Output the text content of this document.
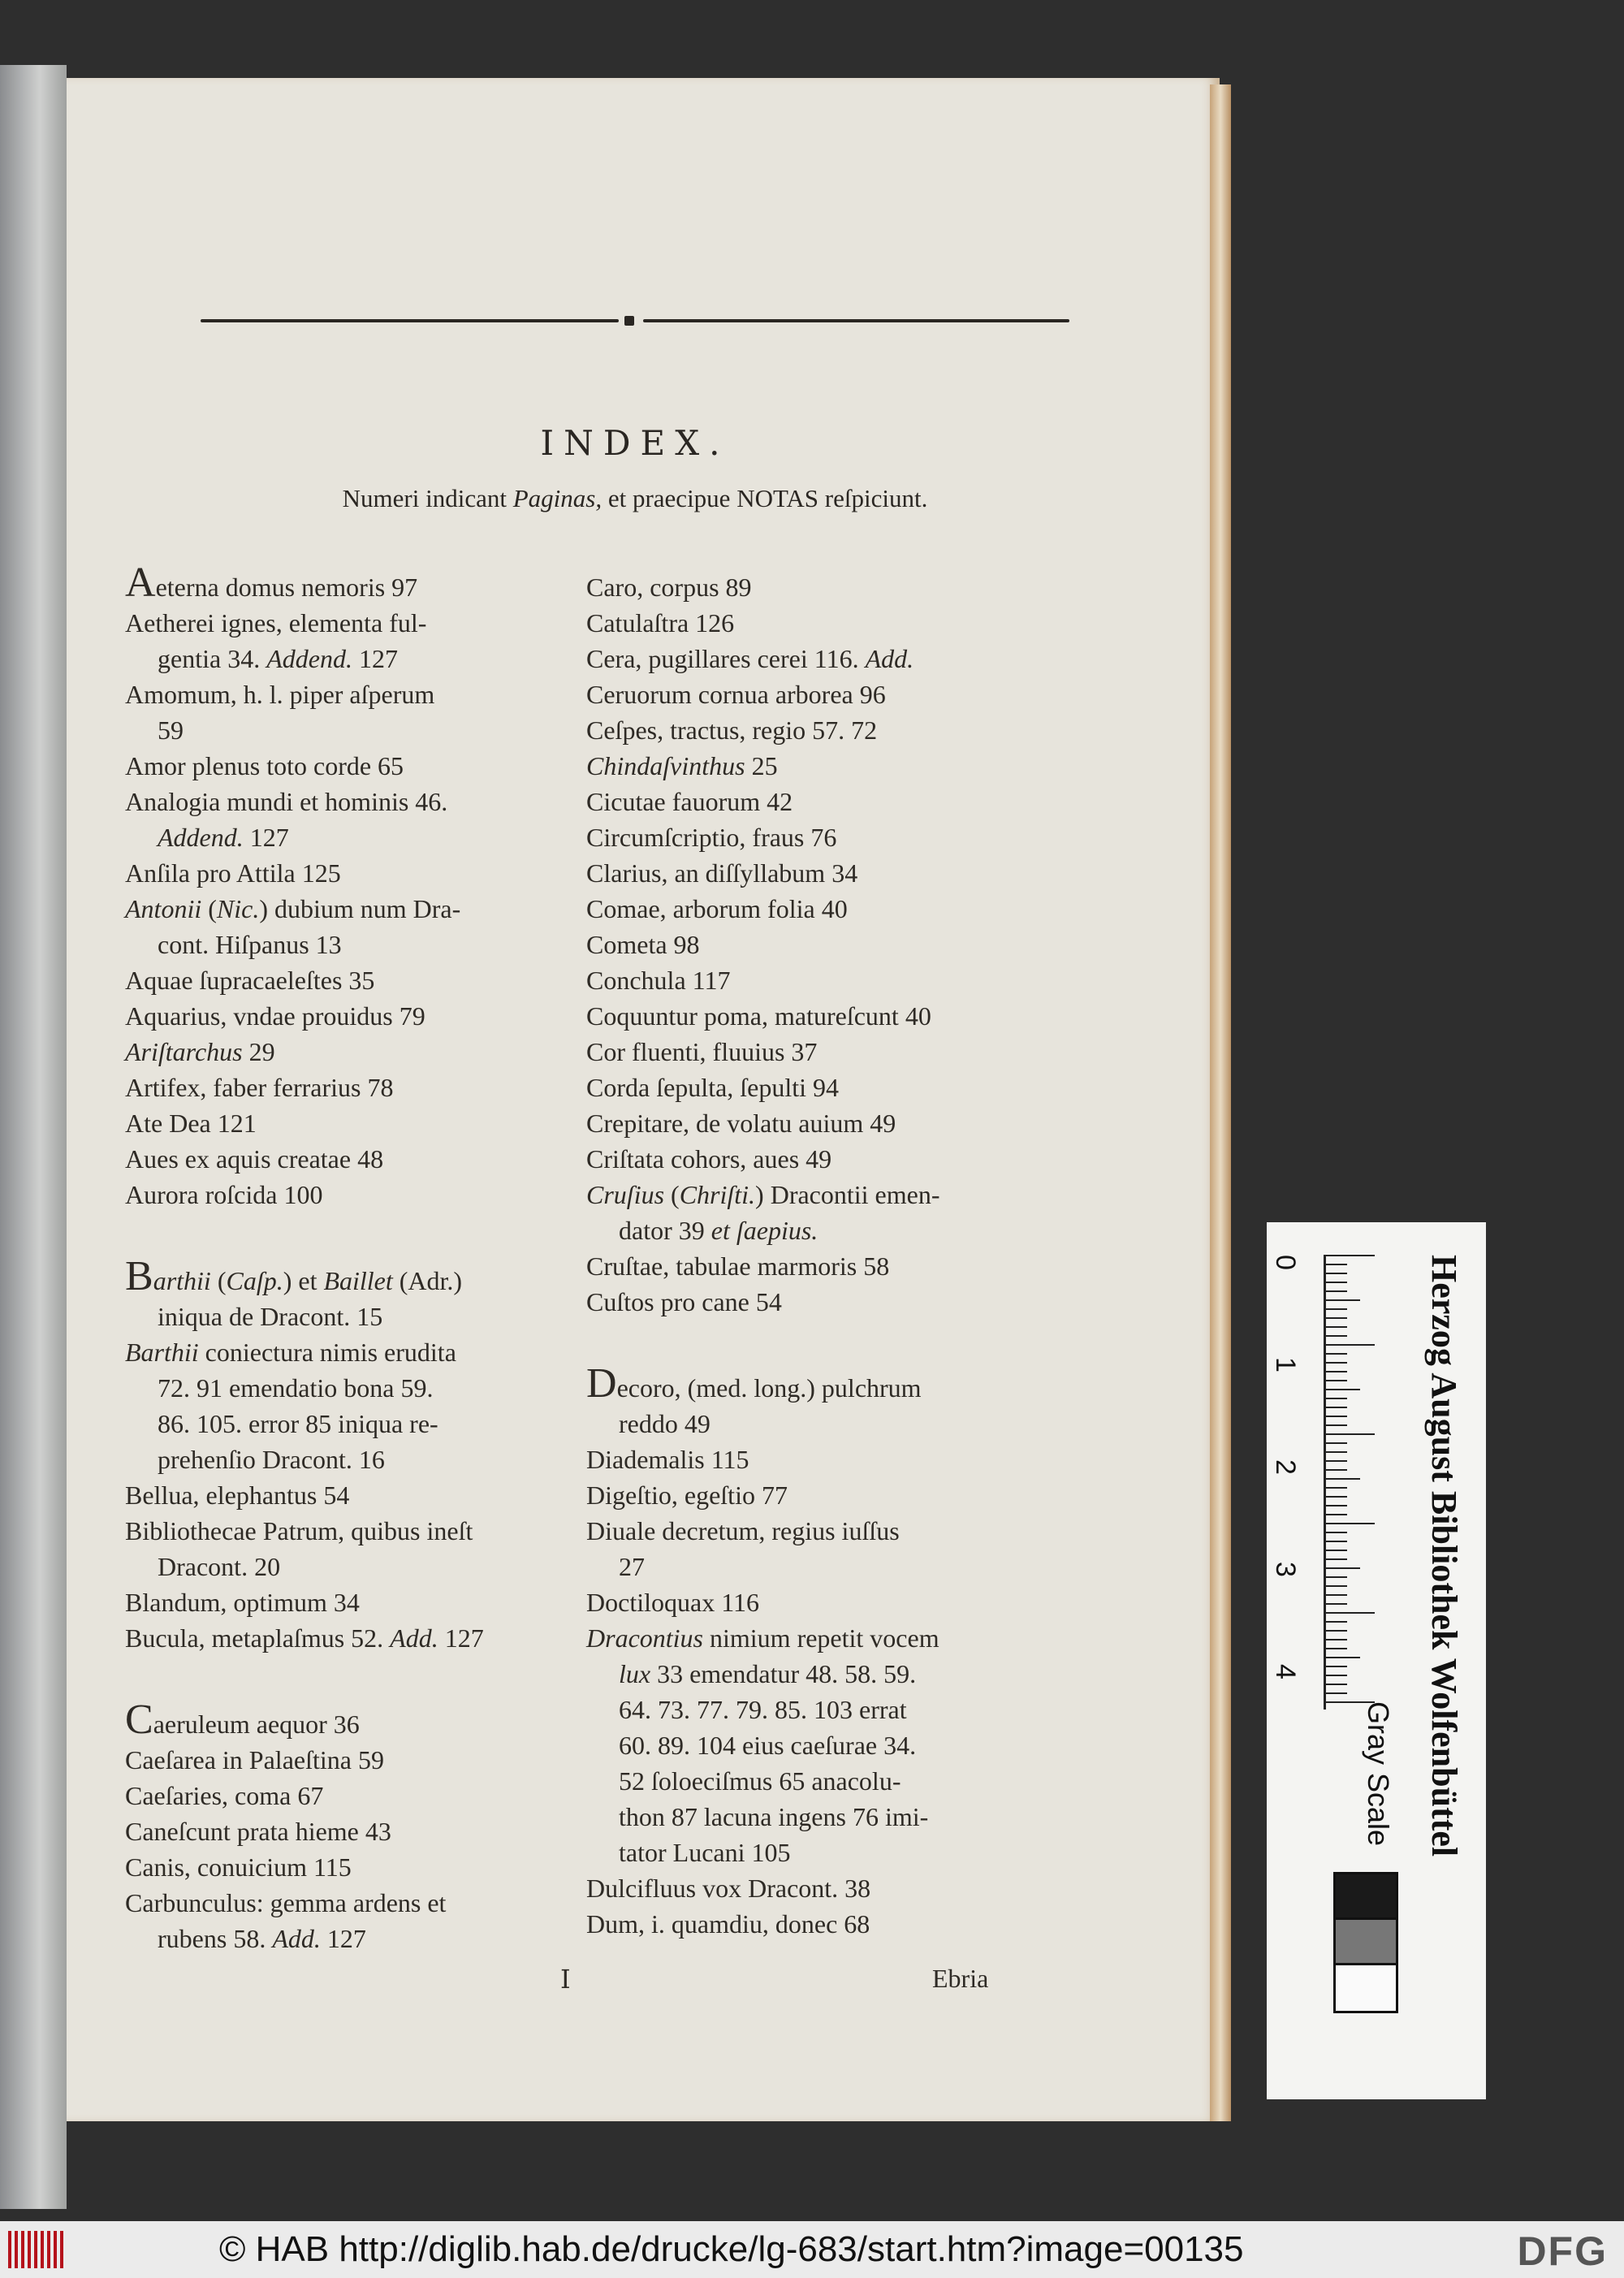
INDEX.
Numeri indicant Paginas, et praecipue NOTAS reſpiciunt.
Aeterna domus nemoris 97
Aetherei ignes, elementa ful-
gentia 34. Addend. 127
Amomum, h. l. piper aſperum
59
Amor plenus toto corde 65
Analogia mundi et hominis 46.
Addend. 127
Anſila pro Attila 125
Antonii (Nic.) dubium num Dra-
cont. Hiſpanus 13
Aquae ſupracaeleſtes 35
Aquarius, vndae prouidus 79
Ariſtarchus 29
Artifex, faber ferrarius 78
Ate Dea 121
Aues ex aquis creatae 48
Aurora roſcida 100
Barthii (Caſp.) et Baillet (Adr.)
iniqua de Dracont. 15
Barthii coniectura nimis erudita
72. 91 emendatio bona 59.
86. 105. error 85 iniqua re-
prehenſio Dracont. 16
Bellua, elephantus 54
Bibliothecae Patrum, quibus ineſt
Dracont. 20
Blandum, optimum 34
Bucula, metaplaſmus 52. Add. 127
Caeruleum aequor 36
Caeſarea in Palaeſtina 59
Caeſaries, coma 67
Caneſcunt prata hieme 43
Canis, conuicium 115
Carbunculus: gemma ardens et
rubens 58. Add. 127
Caro, corpus 89
Catulaſtra 126
Cera, pugillares cerei 116. Add.
Ceruorum cornua arborea 96
Ceſpes, tractus, regio 57. 72
Chindaſvinthus 25
Cicutae fauorum 42
Circumſcriptio, fraus 76
Clarius, an diſſyllabum 34
Comae, arborum folia 40
Cometa 98
Conchula 117
Coquuntur poma, matureſcunt 40
Cor fluenti, fluuius 37
Corda ſepulta, ſepulti 94
Crepitare, de volatu auium 49
Criſtata cohors, aues 49
Cruſius (Chriſti.) Dracontii emen-
dator 39 et ſaepius.
Cruſtae, tabulae marmoris 58
Cuſtos pro cane 54
Decoro, (med. long.) pulchrum
reddo 49
Diademalis 115
Digeſtio, egeſtio 77
Diuale decretum, regius iuſſus
27
Doctiloquax 116
Dracontius nimium repetit vocem
lux 33 emendatur 48. 58. 59.
64. 73. 77. 79. 85. 103 errat
60. 89. 104 eius caeſurae 34.
52 ſoloeciſmus 65 anacolu-
thon 87 lacuna ingens 76 imi-
tator Lucani 105
Dulcifluus vox Dracont. 38
Dum, i. quamdiu, donec 68
I	Ebria
0
1
2
3
4	Herzog August Bibliothek Wolfenbüttel
Gray Scale
© HAB http://diglib.hab.de/drucke/lg-683/start.htm?image=00135	DFG
